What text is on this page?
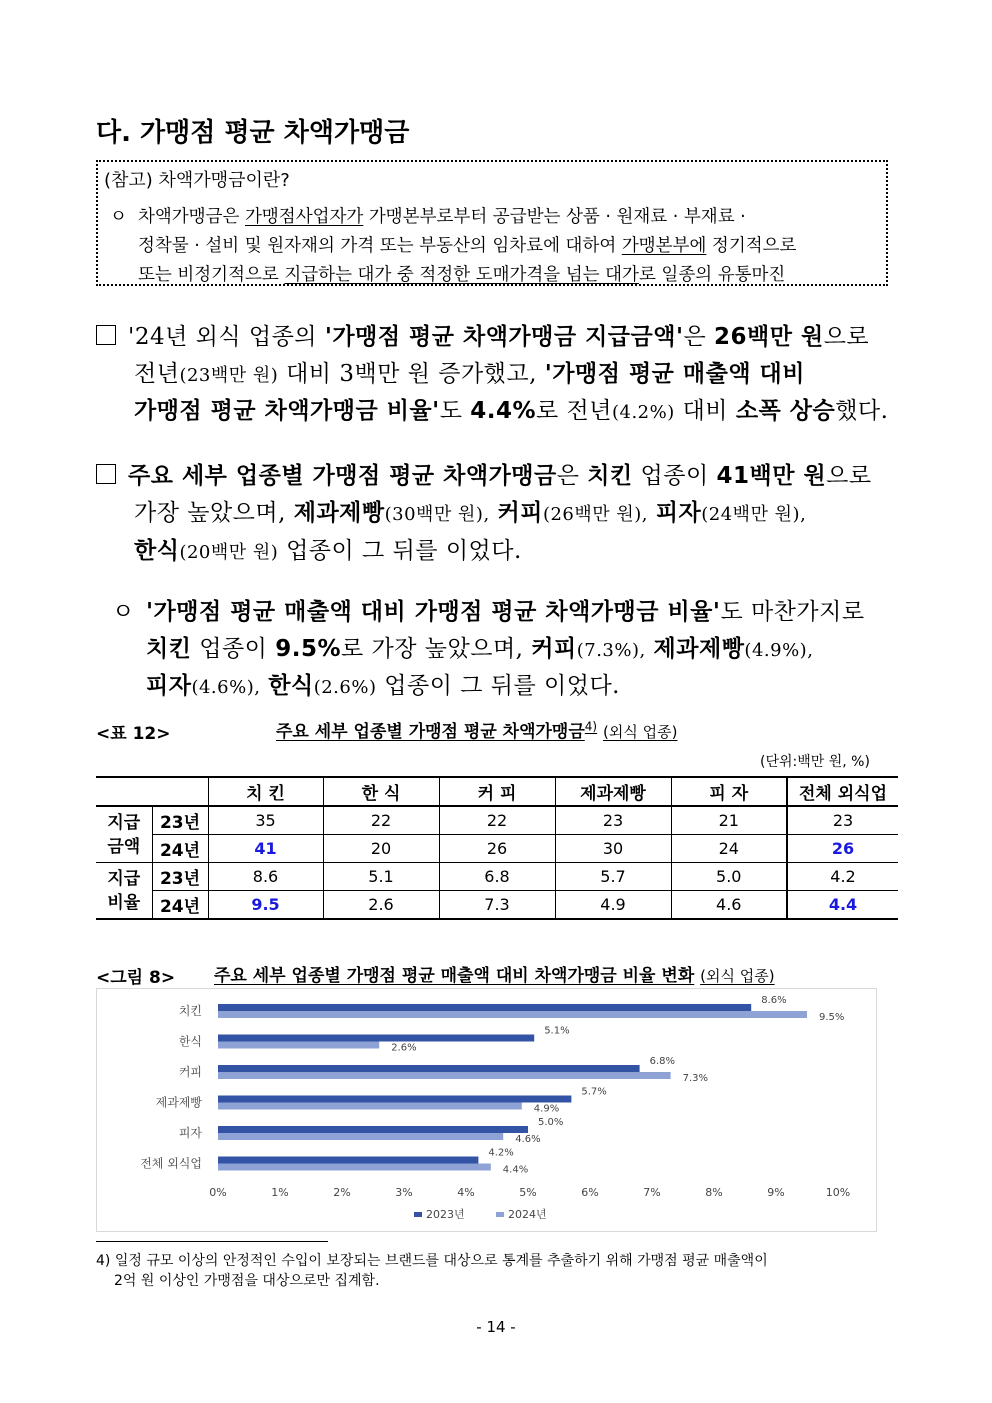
다. 가맹점 평균 차액가맹금
(참고) 차액가맹금이란?
ㅇ 차액가맹금은 가맹점사업자가 가맹본부로부터 공급받는 상품 · 원재료 · 부재료 ·
정착물 · 설비 및 원자재의 가격 또는 부동산의 임차료에 대하여 가맹본부에 정기적으로
또는 비정기적으로 지급하는 대가 중 적정한 도매가격을 넘는 대가로 일종의 유통마진
'24년 외식 업종의 '가맹점 평균 차액가맹금 지급금액'은 26백만 원으로
전년(23백만 원) 대비 3백만 원 증가했고, '가맹점 평균 매출액 대비
가맹점 평균 차액가맹금 비율'도 4.4%로 전년(4.2%) 대비 소폭 상승했다.
주요 세부 업종별 가맹점 평균 차액가맹금은 치킨 업종이 41백만 원으로
가장 높았으며, 제과제빵(30백만 원), 커피(26백만 원), 피자(24백만 원),
한식(20백만 원) 업종이 그 뒤를 이었다.
ㅇ '가맹점 평균 매출액 대비 가맹점 평균 차액가맹금 비율'도 마찬가지로
치킨 업종이 9.5%로 가장 높았으며, 커피(7.3%), 제과제빵(4.9%),
피자(4.6%), 한식(2.6%) 업종이 그 뒤를 이었다.
<표 12>	주요 세부 업종별 가맹점 평균 차액가맹금$^{4)}$ (외식 업종)
(단위:백만 원, %)
		치 킨	한 식	커 피	제과제빵	피 자	전체 외식업
지급
금액	23년	35	22	22	23	21	23
	24년	41	20	26	30	24	26
지급
비율	23년	8.6	5.1	6.8	5.7	5.0	4.2
	24년	9.5	2.6	7.3	4.9	4.6	4.4
<그림 8> 주요 세부 업종별 가맹점 평균 매출액 대비 차액가맹금 비율 변화 (외식 업종)
치킨
8.6%
9.5%
한식
5.1%
2.6%
커피
6.8%
7.3%
제과제빵
5.7%
4.9%
피자
5.0%
4.6%
전체 외식업
4.2%
4.4%
0%	1%	2%	3%	4%	5%	6%	7%	8%	9%	10%
2023년	2024년
4) 일정 규모 이상의 안정적인 수입이 보장되는 브랜드를 대상으로 통계를 추출하기 위해 가맹점 평균 매출액이
2억 원 이상인 가맹점을 대상으로만 집계함.
- 14 -
